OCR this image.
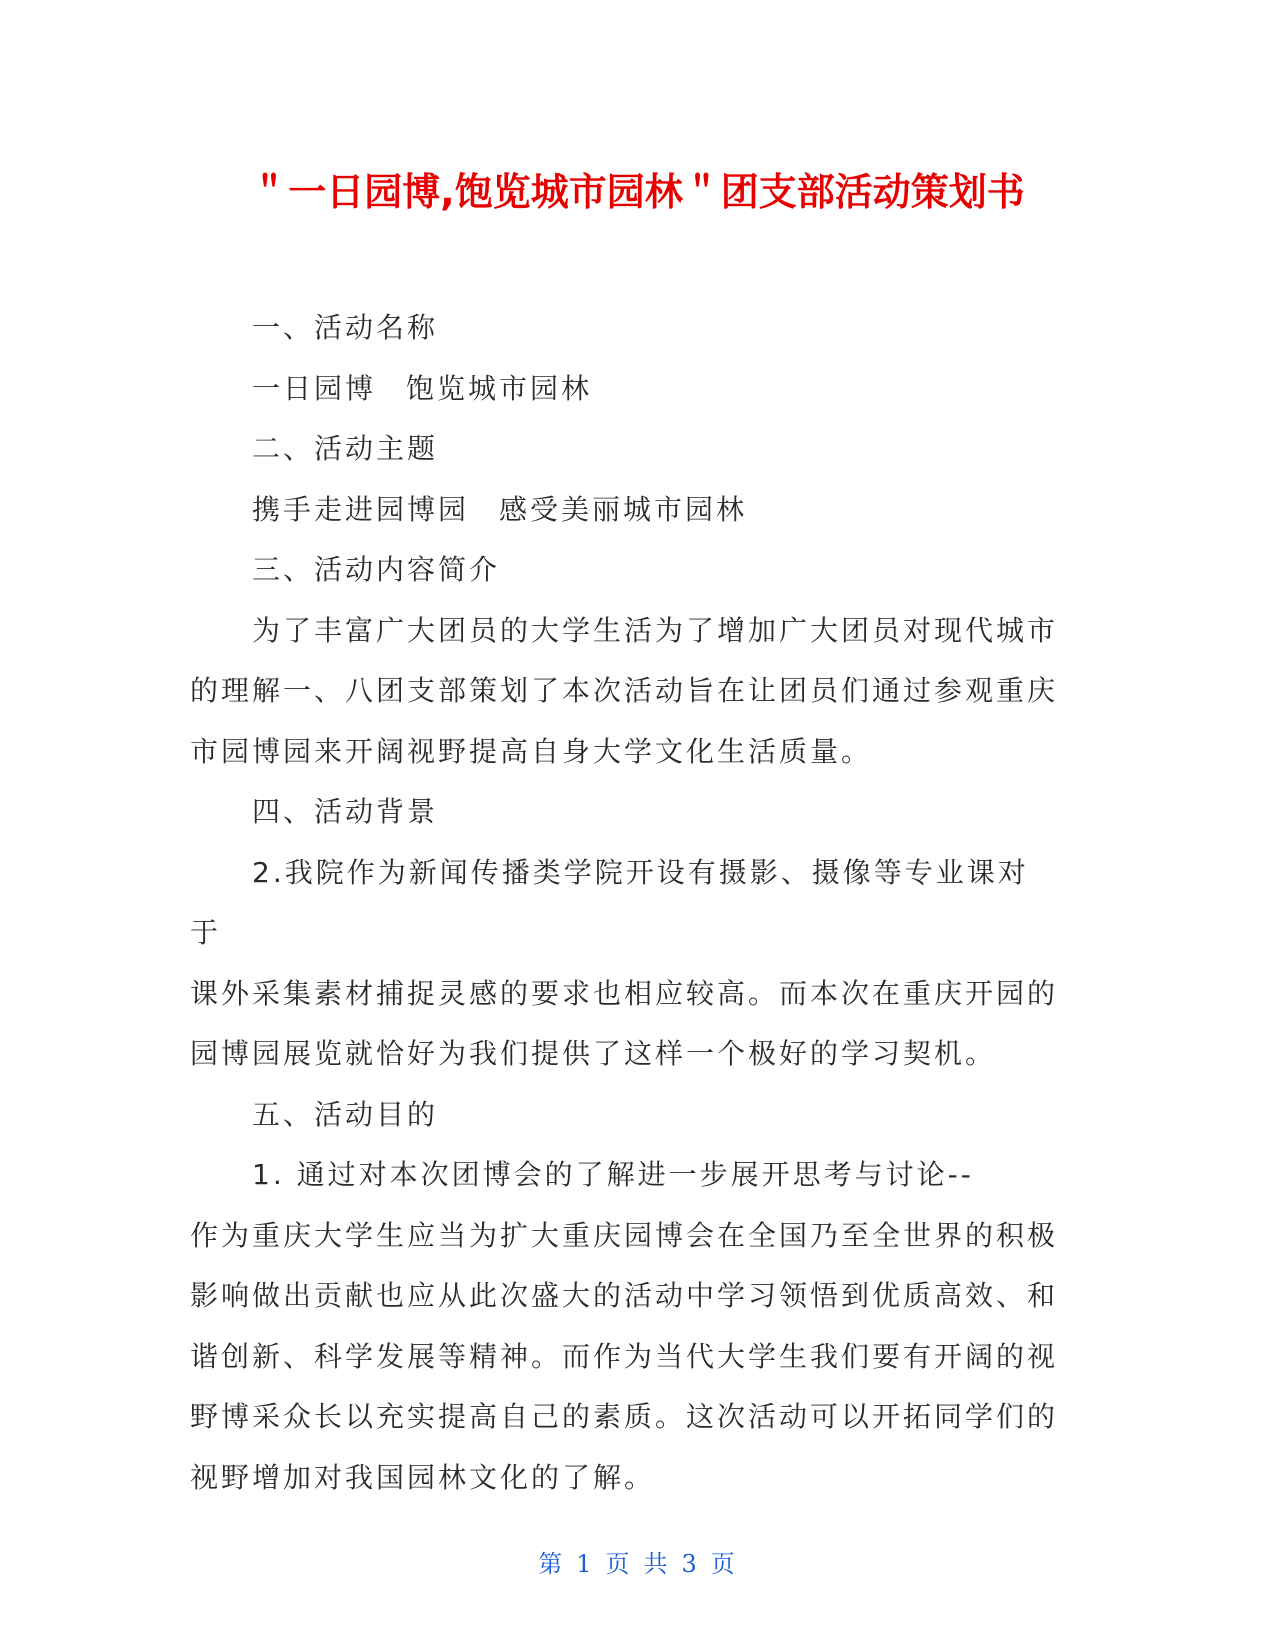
＂一日园博,饱览城市园林＂团支部活动策划书

一、活动名称

一日园博 饱览城市园林

二、活动主题

携手走进园博园 感受美丽城市园林

三、活动内容简介

为了丰富广大团员的大学生活为了增加广大团员对现代城市

的理解一、八团支部策划了本次活动旨在让团员们通过参观重庆

市园博园来开阔视野提高自身大学文化生活质量。

四、活动背景

2.我院作为新闻传播类学院开设有摄影、摄像等专业课对于

课外采集素材捕捉灵感的要求也相应较高。而本次在重庆开园的

园博园展览就恰好为我们提供了这样一个极好的学习契机。

五、活动目的

1. 通过对本次团博会的了解进一步展开思考与讨论--

作为重庆大学生应当为扩大重庆园博会在全国乃至全世界的积极

影响做出贡献也应从此次盛大的活动中学习领悟到优质高效、和

谐创新、科学发展等精神。而作为当代大学生我们要有开阔的视

野博采众长以充实提高自己的素质。这次活动可以开拓同学们的

视野增加对我国园林文化的了解。

第 1 页 共 3 页
